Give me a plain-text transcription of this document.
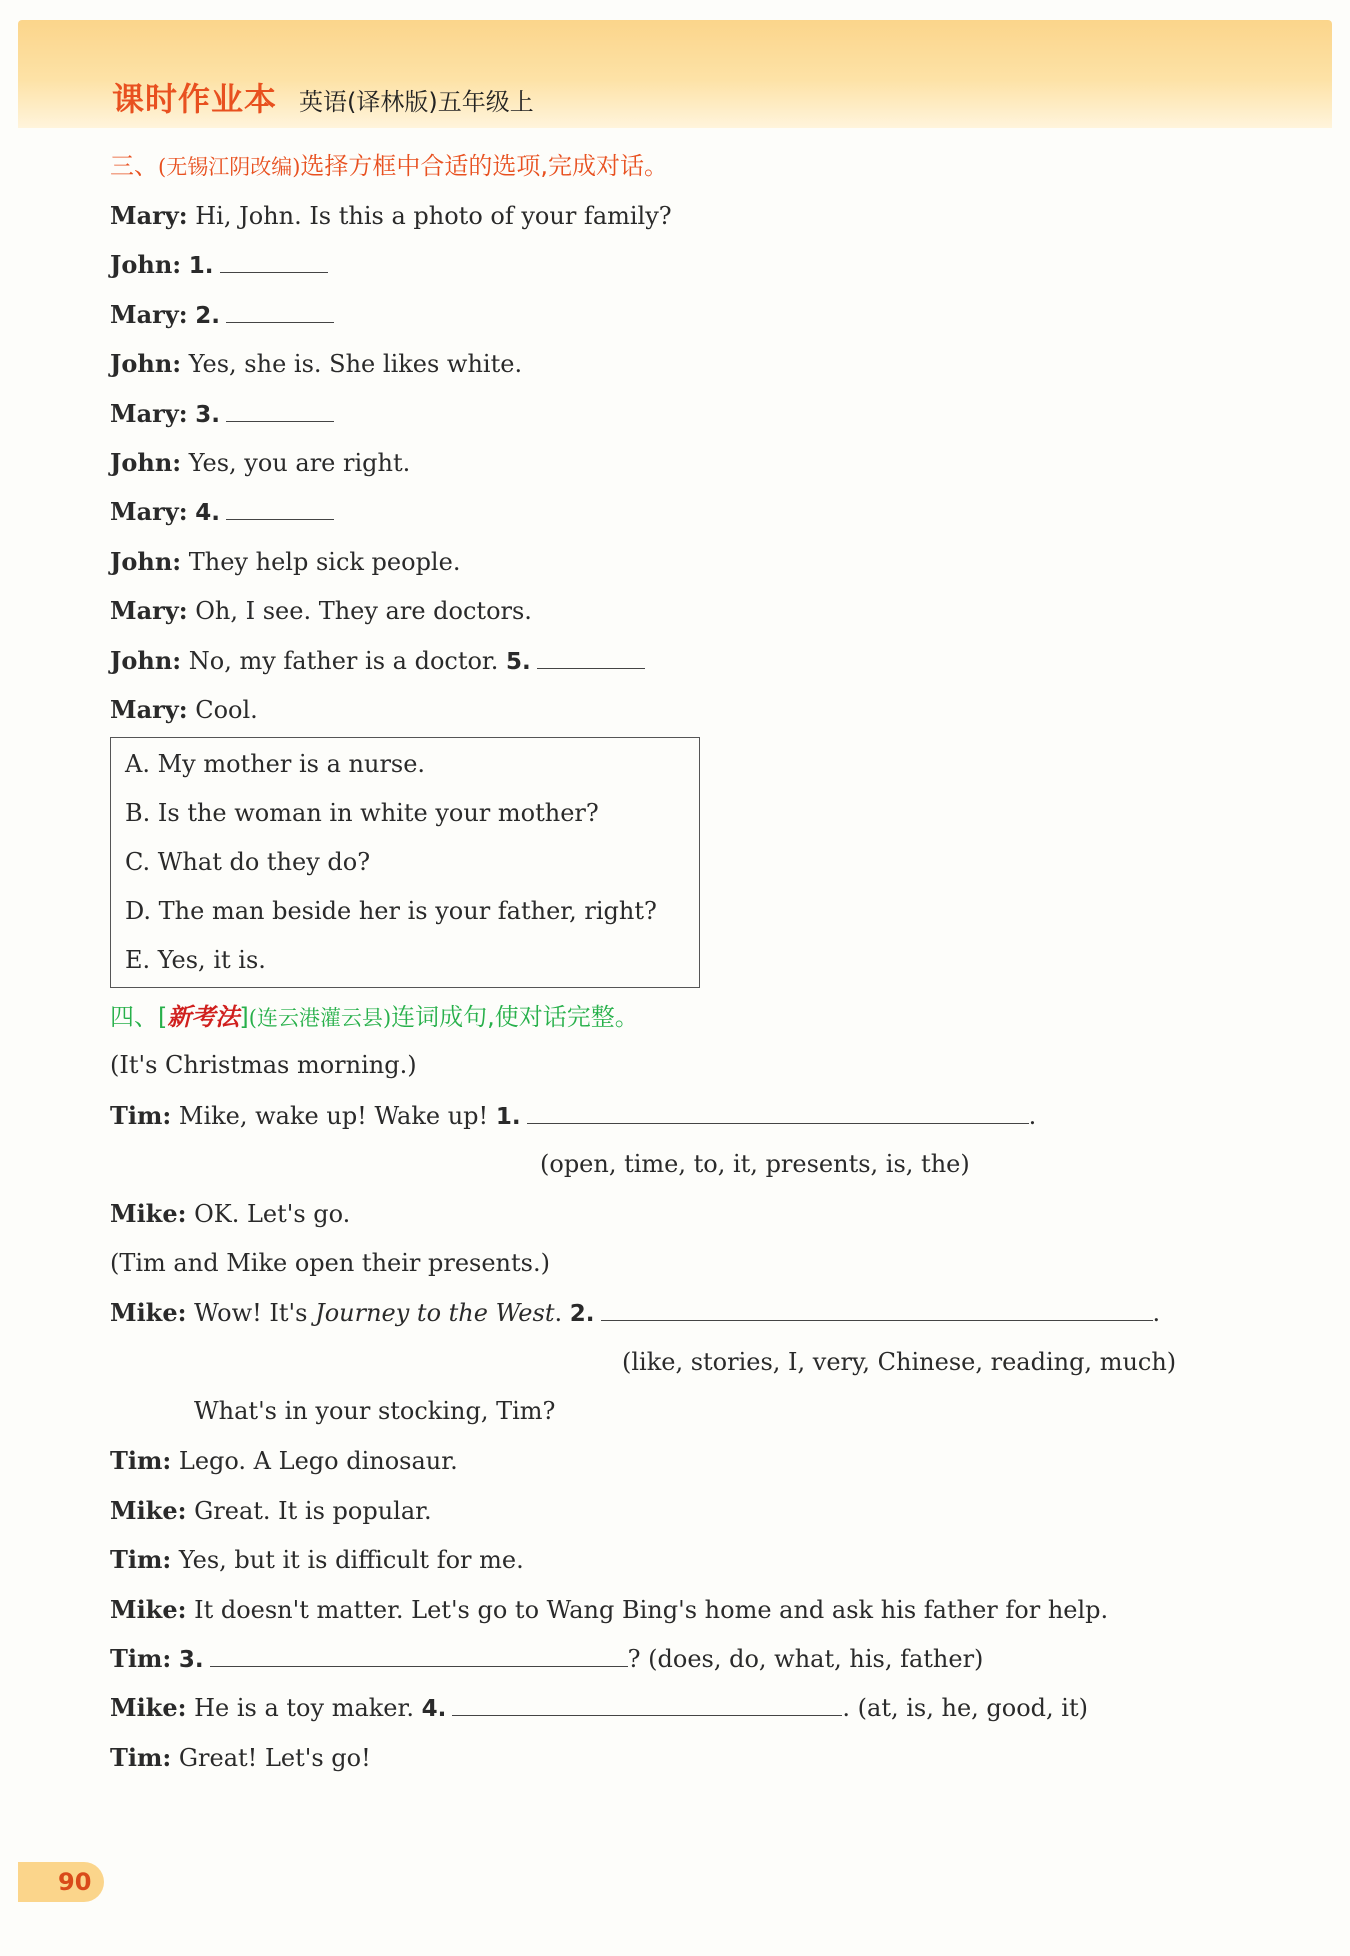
课时作业本 英语(译林版)五年级上
三、(无锡江阴改编)选择方框中合适的选项,完成对话。
Mary: Hi, John. Is this a photo of your family?
John: 1.
Mary: 2.
John: Yes, she is. She likes white.
Mary: 3.
John: Yes, you are right.
Mary: 4.
John: They help sick people.
Mary: Oh, I see. They are doctors.
John: No, my father is a doctor. 5.
Mary: Cool.
A. My mother is a nurse.
B. Is the woman in white your mother?
C. What do they do?
D. The man beside her is your father, right?
E. Yes, it is.
四、[新考法](连云港灌云县)连词成句,使对话完整。
(It's Christmas morning.)
Tim: Mike, wake up! Wake up! 1.	.
(open, time, to, it, presents, is, the)
Mike: OK. Let's go.
(Tim and Mike open their presents.)
Mike: Wow! It's Journey to the West. 2.	.
(like, stories, I, very, Chinese, reading, much)
What's in your stocking, Tim?
Tim: Lego. A Lego dinosaur.
Mike: Great. It is popular.
Tim: Yes, but it is difficult for me.
Mike: It doesn't matter. Let's go to Wang Bing's home and ask his father for help.
Tim: 3.	? (does, do, what, his, father)
Mike: He is a toy maker. 4.	. (at, is, he, good, it)
Tim: Great! Let's go!
90
